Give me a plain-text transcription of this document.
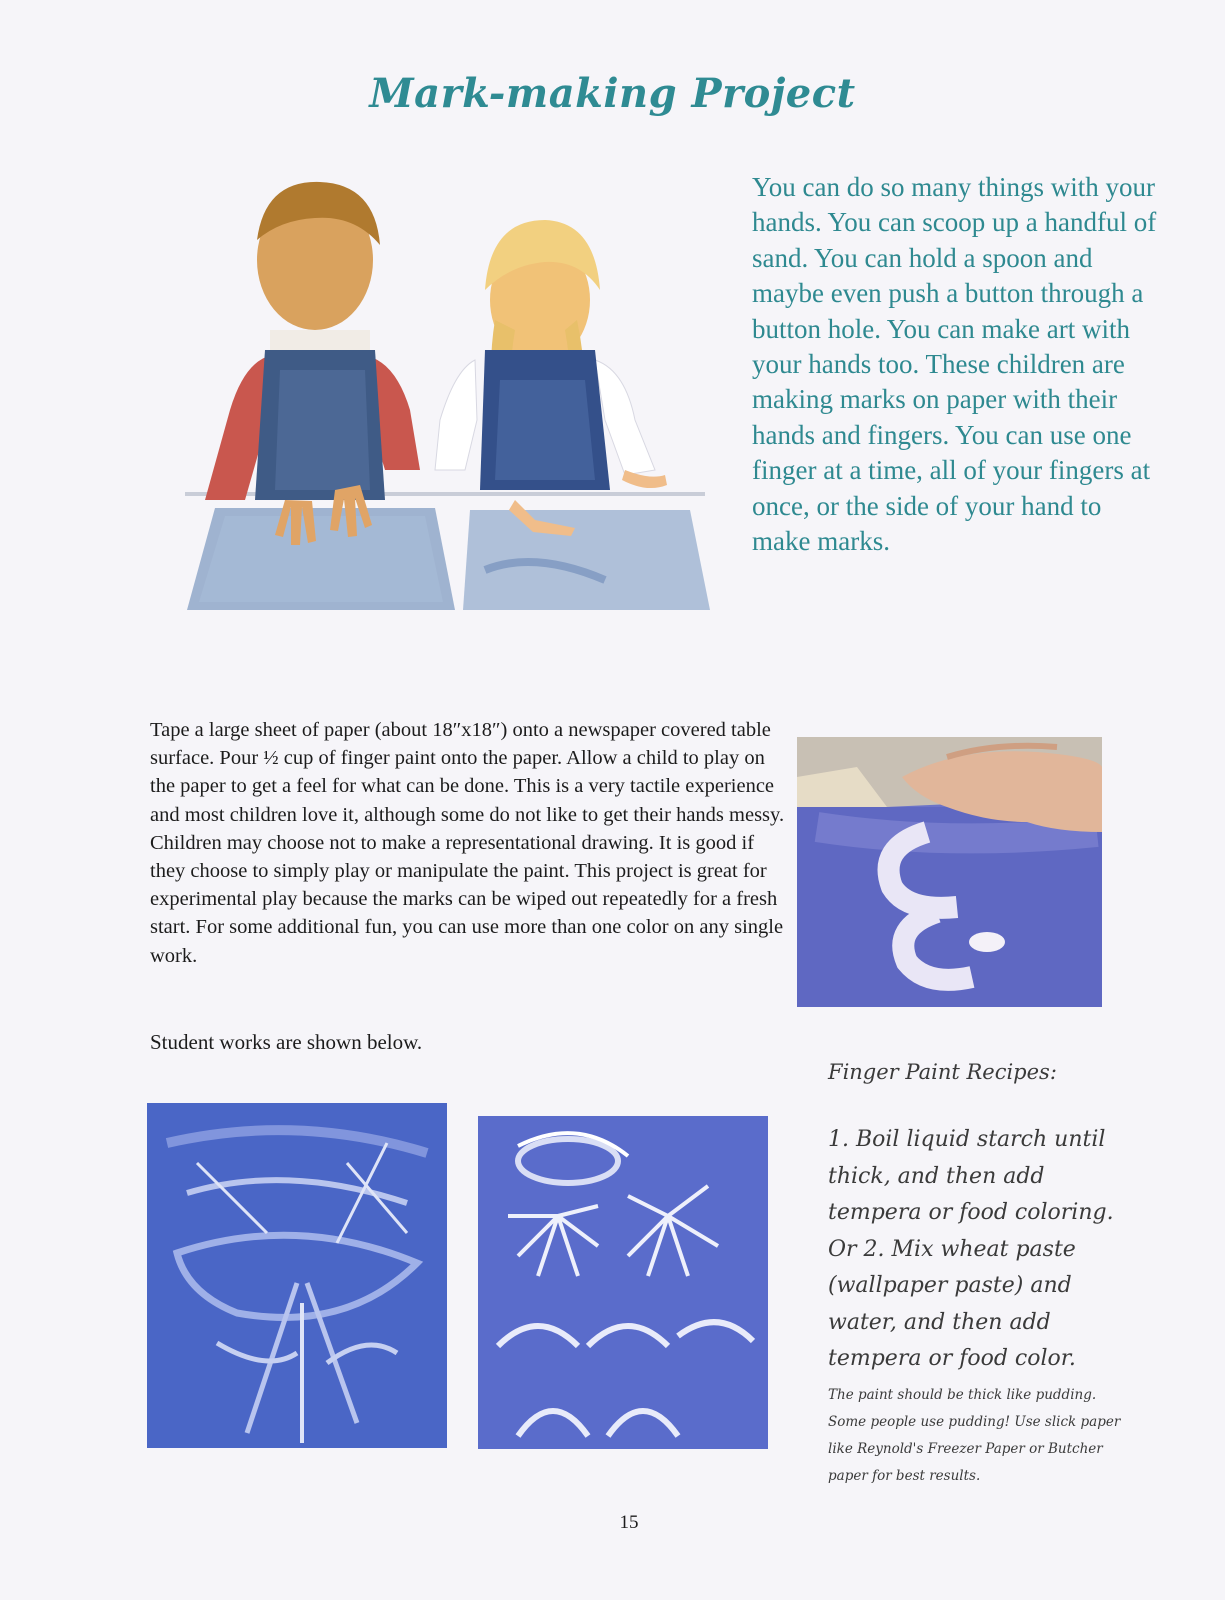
Mark-making Project
You can do so many things with your hands. You can scoop up a handful of sand. You can hold a spoon and maybe even push a button through a button hole. You can make art with your hands too. These children are making marks on paper with their hands and fingers. You can use one finger at a time, all of your fingers at once, or the side of your hand to make marks.
Tape a large sheet of paper (about 18″x18″) onto a newspaper covered table surface. Pour ½ cup of finger paint onto the paper. Allow a child to play on the paper to get a feel for what can be done. This is a very tactile experience and most children love it, although some do not like to get their hands messy. Children may choose not to make a representational drawing. It is good if they choose to simply play or manipulate the paint. This project is great for experimental play because the marks can be wiped out repeatedly for a fresh start. For some additional fun, you can use more than one color on any single work.
Student works are shown below.
Finger Paint Recipes:
1. Boil liquid starch until thick, and then add tempera or food coloring.
Or 2. Mix wheat paste (wallpaper paste) and water, and then add tempera or food color.
The paint should be thick like pudding. Some people use pudding! Use slick paper like Reynold's Freezer Paper or Butcher paper for best results.
15
